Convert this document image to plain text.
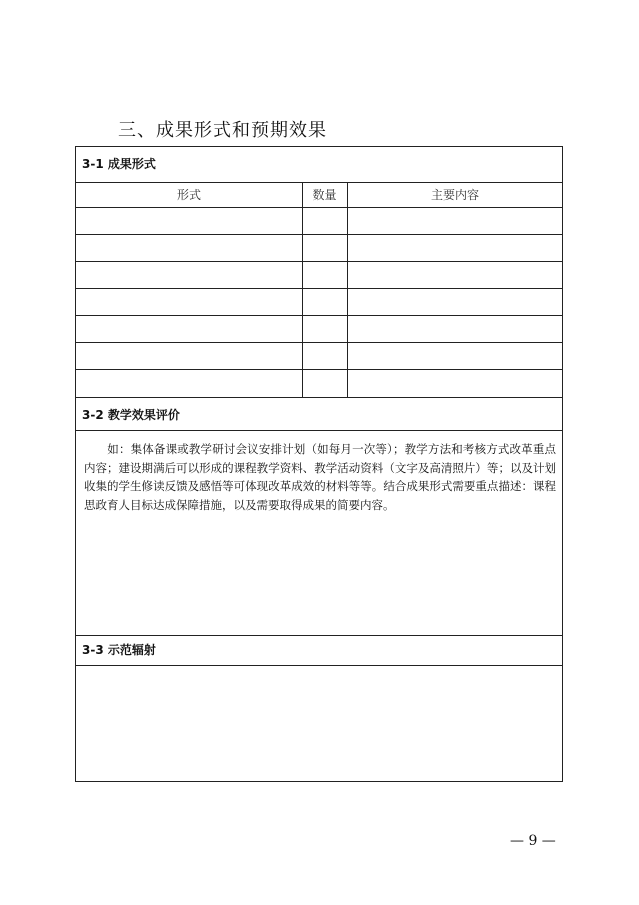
三、成果形式和预期效果
3-1 成果形式
形式	数量	主要内容
3-2 教学效果评价
　　如：集体备课或教学研讨会议安排计划（如每月一次等）；教学方法和考核方式改革重点内容；建设期满后可以形成的课程教学资料、教学活动资料（文字及高清照片）等；以及计划收集的学生修读反馈及感悟等可体现改革成效的材料等等。结合成果形式需要重点描述：课程思政育人目标达成保障措施，以及需要取得成果的简要内容。
3-3 示范辐射
— 9 —
